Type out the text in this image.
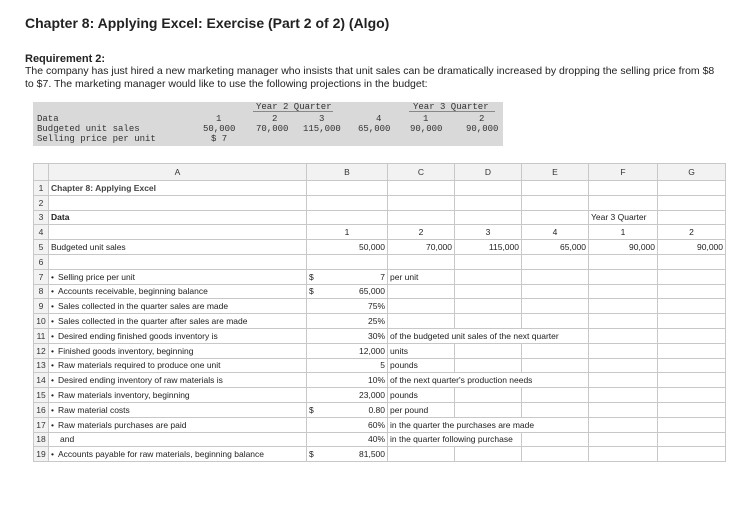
Chapter 8: Applying Excel: Exercise (Part 2 of 2) (Algo)
Requirement 2:
The company has just hired a new marketing manager who insists that unit sales can be dramatically increased by dropping the selling price from $8 to $7. The marketing manager would like to use the following projections in the budget:
Year 2 Quarter	Year 3 Quarter
Data	1	2	3	4	1	2
Budgeted unit sales	50,000 70,000 115,000 65,000 90,000	90,000
Selling price per unit	$ 7
	A	B	C	D	E	F	G
1	Chapter 8: Applying Excel						
2							
3	Data					Year 3 Quarter	
4		1	2	3	4	1	2
5	Budgeted unit sales	50,000	70,000	115,000	65,000	90,000	90,000
6							
7	• Selling price per unit	$ 7	per unit				
8	• Accounts receivable, beginning balance	$ 65,000					
9	• Sales collected in the quarter sales are made	75%					
10	• Sales collected in the quarter after sales are made	25%					
11	• Desired ending finished goods inventory is	30%	of the budgeted unit sales of the next quarter				
12	• Finished goods inventory, beginning	12,000	units				
13	• Raw materials required to produce one unit	5	pounds				
14	• Desired ending inventory of raw materials is	10%	of the next quarter's production needs				
15	• Raw materials inventory, beginning	23,000	pounds				
16	• Raw material costs	$ 0.80	per pound				
17	• Raw materials purchases are paid	60%	in the quarter the purchases are made				
18	and	40%	in the quarter following purchase				
19	• Accounts payable for raw materials, beginning balance	$ 81,500					
